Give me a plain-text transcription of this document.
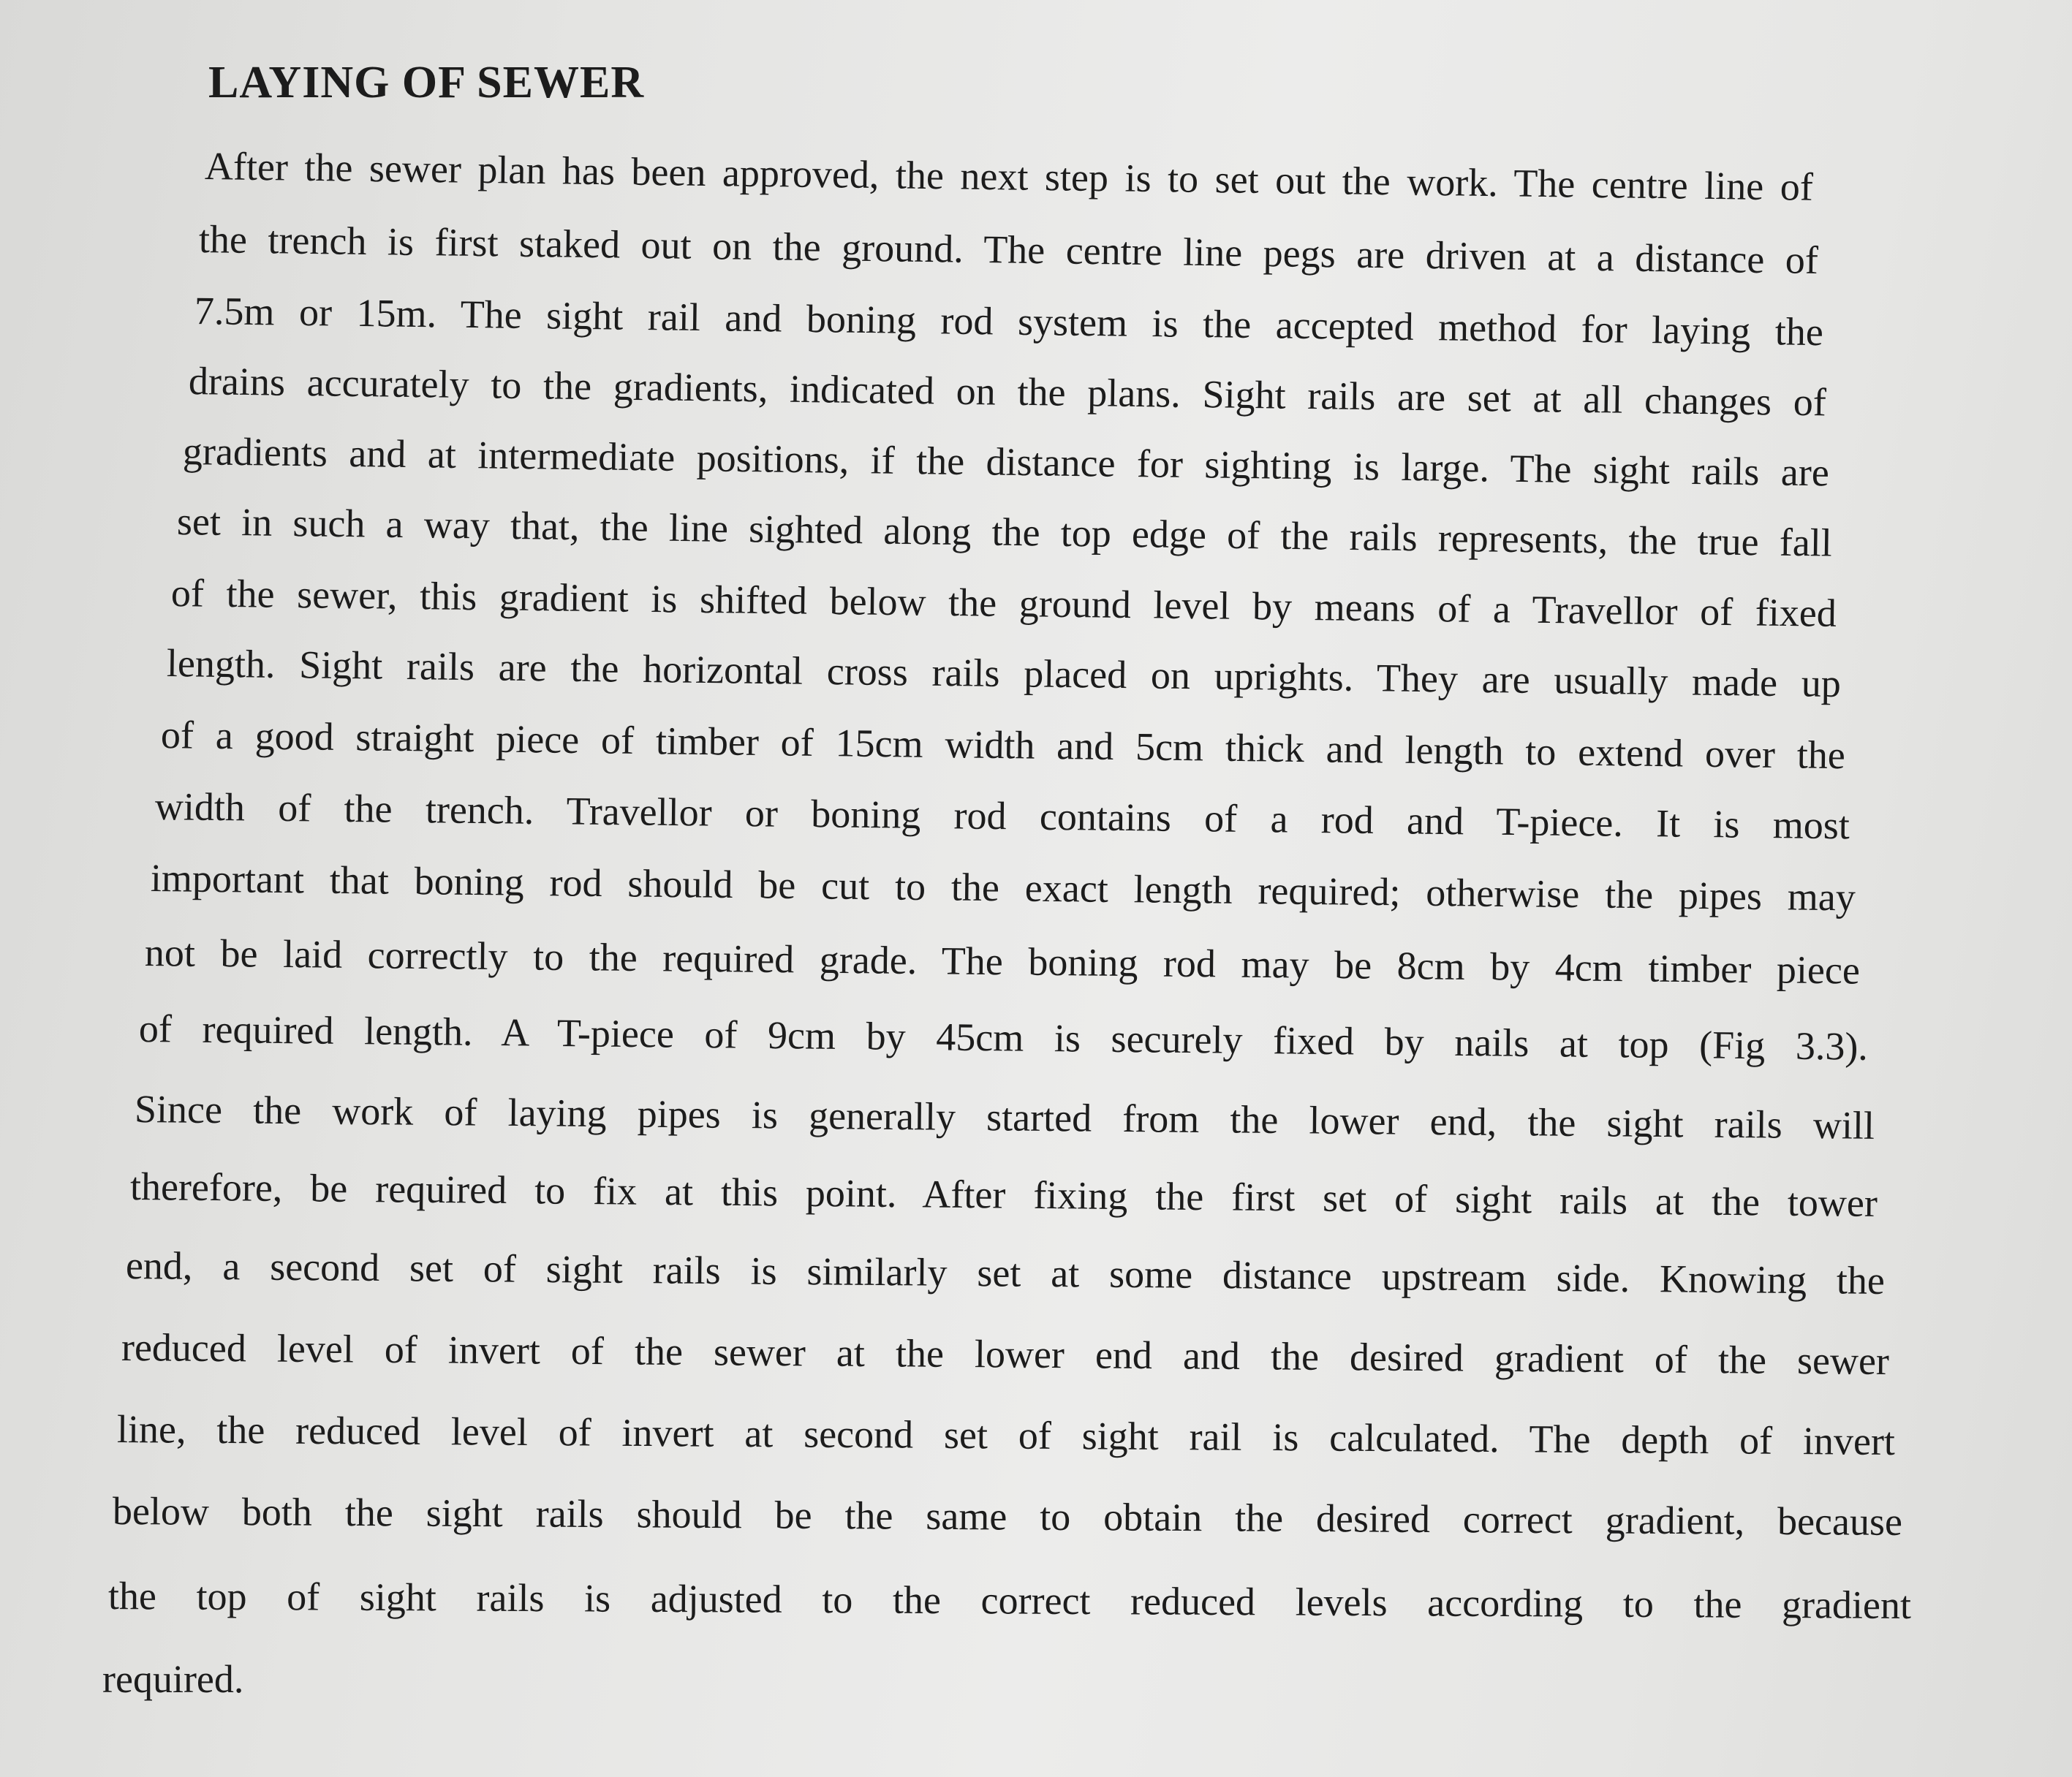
LAYING OF SEWER
After the sewer plan has been approved, the next step is to set out the work. The centre line of
the trench is first staked out on the ground. The centre line pegs are driven at a distance of
7.5m or 15m. The sight rail and boning rod system is the accepted method for laying the
drains accurately to the gradients, indicated on the plans. Sight rails are set at all changes of
gradients and at intermediate positions, if the distance for sighting is large. The sight rails are
set in such a way that, the line sighted along the top edge of the rails represents, the true fall
of the sewer, this gradient is shifted below the ground level by means of a Travellor of fixed
length. Sight rails are the horizontal cross rails placed on uprights. They are usually made up
of a good straight piece of timber of 15cm width and 5cm thick and length to extend over the
width of the trench. Travellor or boning rod contains of a rod and T-piece. It is most
important that boning rod should be cut to the exact length required; otherwise the pipes may
not be laid correctly to the required grade. The boning rod may be 8cm by 4cm timber piece
of required length. A T-piece of 9cm by 45cm is securely fixed by nails at top (Fig 3.3).
Since the work of laying pipes is generally started from the lower end, the sight rails will
therefore, be required to fix at this point. After fixing the first set of sight rails at the tower
end, a second set of sight rails is similarly set at some distance upstream side. Knowing the
reduced level of invert of the sewer at the lower end and the desired gradient of the sewer
line, the reduced level of invert at second set of sight rail is calculated. The depth of invert
below both the sight rails should be the same to obtain the desired correct gradient, because
the top of sight rails is adjusted to the correct reduced levels according to the gradient
required.
